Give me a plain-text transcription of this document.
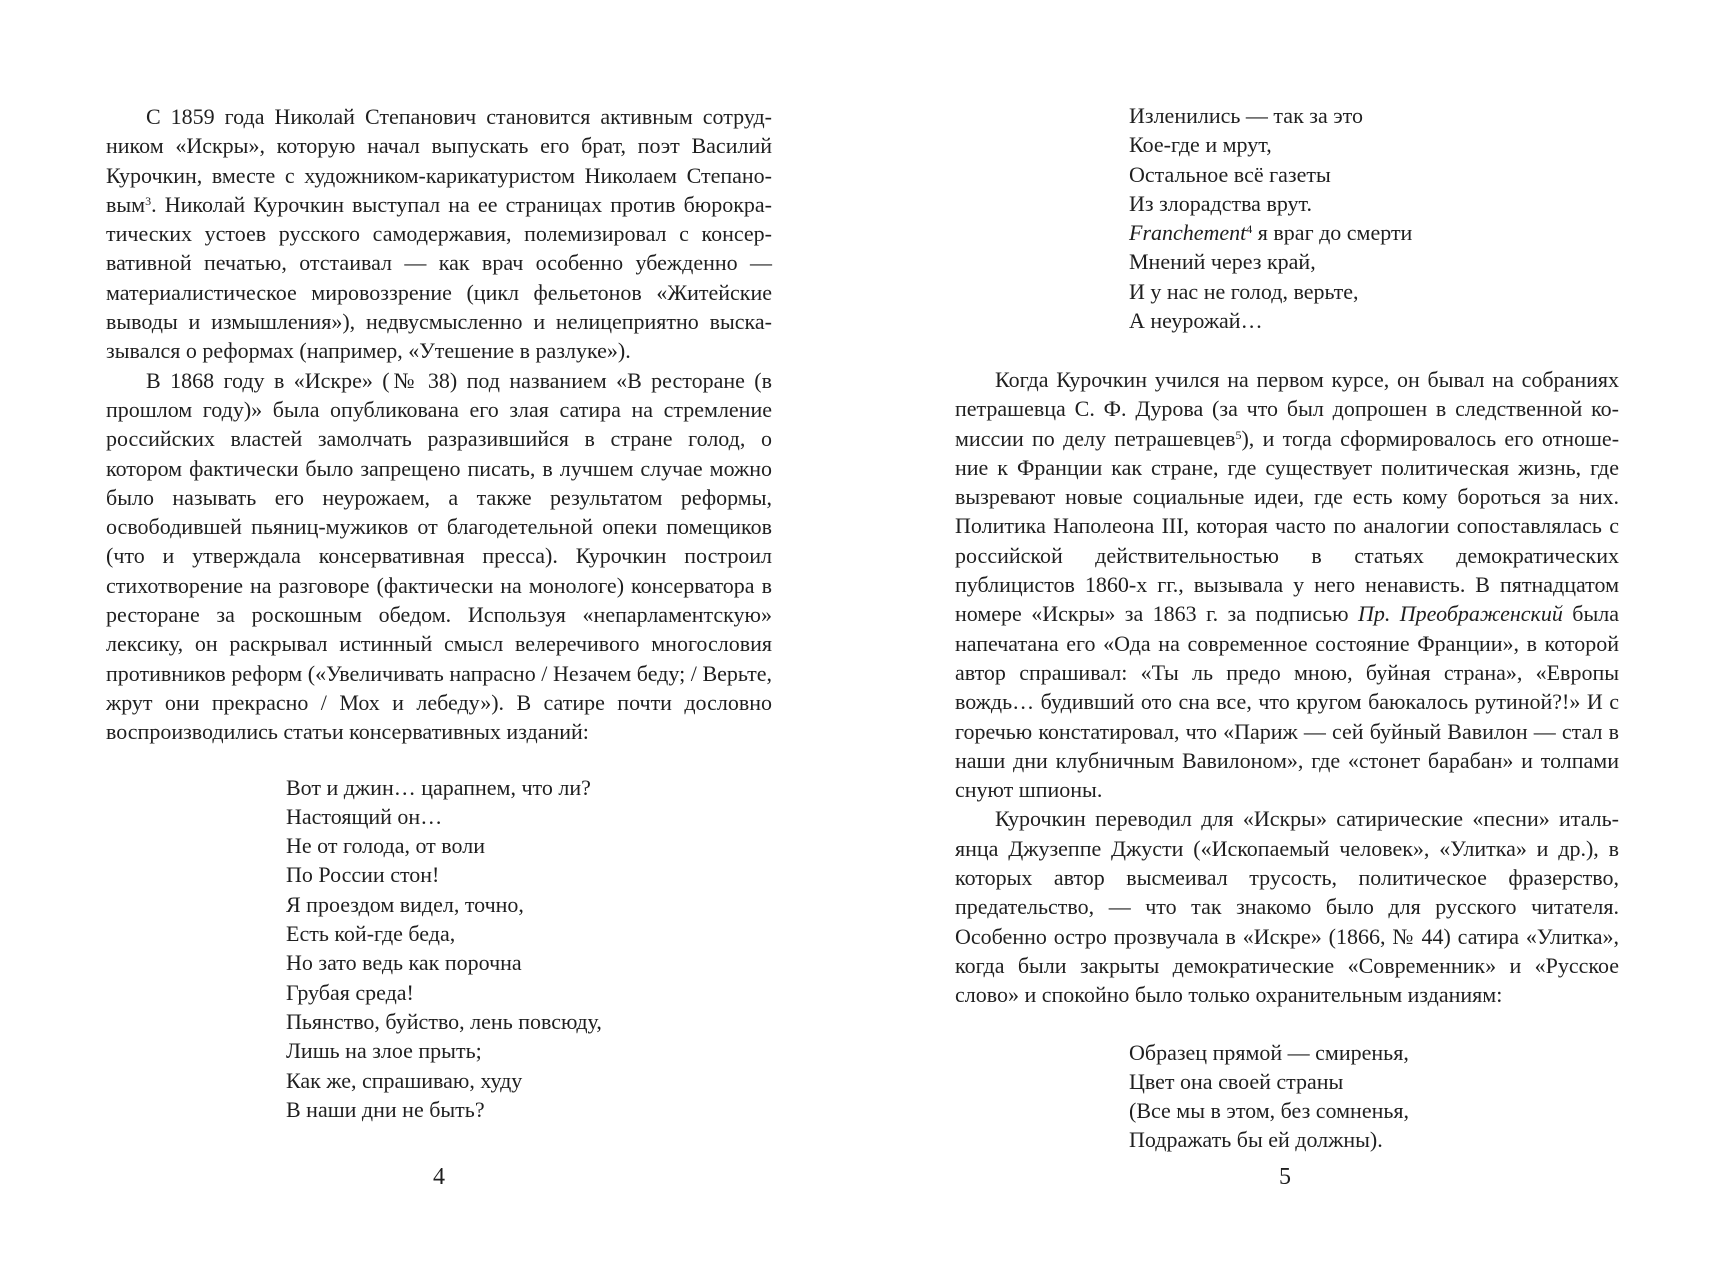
С 1859 года Николай Степанович становится активным сотрудником «Искры», которую начал выпускать его брат, поэт Василий Курочкин, вместе с художником-карикатуристом Николаем Степановым$^3$. Николай Курочкин выступал на ее страницах против бюрократических устоев русского самодержавия, полемизировал с консервативной печатью, отстаивал — как врач особенно убежденно — материалистическое мировоззрение (цикл фельетонов «Житейские выводы и измышления»), недвусмысленно и нелицеприятно высказывался о реформах (например, «Утешение в разлуке»).

В 1868 году в «Искре» (№ 38) под названием «В ресторане (в прошлом году)» была опубликована его злая сатира на стремление российских властей замолчать разразившийся в стране голод, о котором фактически было запрещено писать, в лучшем случае можно было называть его неурожаем, а также результатом реформы, освободившей пьяниц-мужиков от благодетельной опеки помещиков (что и утверждала консервативная пресса). Курочкин построил стихотворение на разговоре (фактически на монологе) консерватора в ресторане за роскошным обедом. Используя «непарламентскую» лексику, он раскрывал истинный смысл велеречивого многословия противников реформ («Увеличивать напрасно / Незачем беду; / Верьте, жрут они прекрасно / Мох и лебеду»). В сатире почти дословно воспроизводились статьи консервативных изданий:

Вот и джин… царапнем, что ли?
Настоящий он…
Не от голода, от воли
По России стон!
Я проездом видел, точно,
Есть кой-где беда,
Но зато ведь как порочна
Грубая среда!
Пьянство, буйство, лень повсюду,
Лишь на злое прыть;
Как же, спрашиваю, худу
В наши дни не быть?
4
Изленились — так за это
Кое-где и мрут,
Остальное всё газеты
Из злорадства врут.
Franchement$^4$ я враг до смерти
Мнений через край,
И у нас не голод, верьте,
А неурожай…

Когда Курочкин учился на первом курсе, он бывал на собраниях петрашевца С. Ф. Дурова (за что был допрошен в следственной комиссии по делу петрашевцев$^5$), и тогда сформировалось его отношение к Франции как стране, где существует политическая жизнь, где вызревают новые социальные идеи, где есть кому бороться за них. Политика Наполеона III, которая часто по аналогии сопоставлялась с российской действительностью в статьях демократических публицистов 1860-х гг., вызывала у него ненависть. В пятнадцатом номере «Искры» за 1863 г. за подписью Пр. Преображенский была напечатана его «Ода на современное состояние Франции», в которой автор спрашивал: «Ты ль предо мною, буйная страна», «Европы вождь… будивший ото сна все, что кругом баюкалось рутиной?!» И с горечью констатировал, что «Париж — сей буйный Вавилон — стал в наши дни клубничным Вавилоном», где «стонет барабан» и толпами снуют шпионы.

Курочкин переводил для «Искры» сатирические «песни» итальянца Джузеппе Джусти («Ископаемый человек», «Улитка» и др.), в которых автор высмеивал трусость, политическое фразерство, предательство, — что так знакомо было для русского читателя. Особенно остро прозвучала в «Искре» (1866, № 44) сатира «Улитка», когда были закрыты демократические «Современник» и «Русское слово» и спокойно было только охранительным изданиям:

Образец прямой — смиренья,
Цвет она своей страны
(Все мы в этом, без сомненья,
Подражать бы ей должны).
5
